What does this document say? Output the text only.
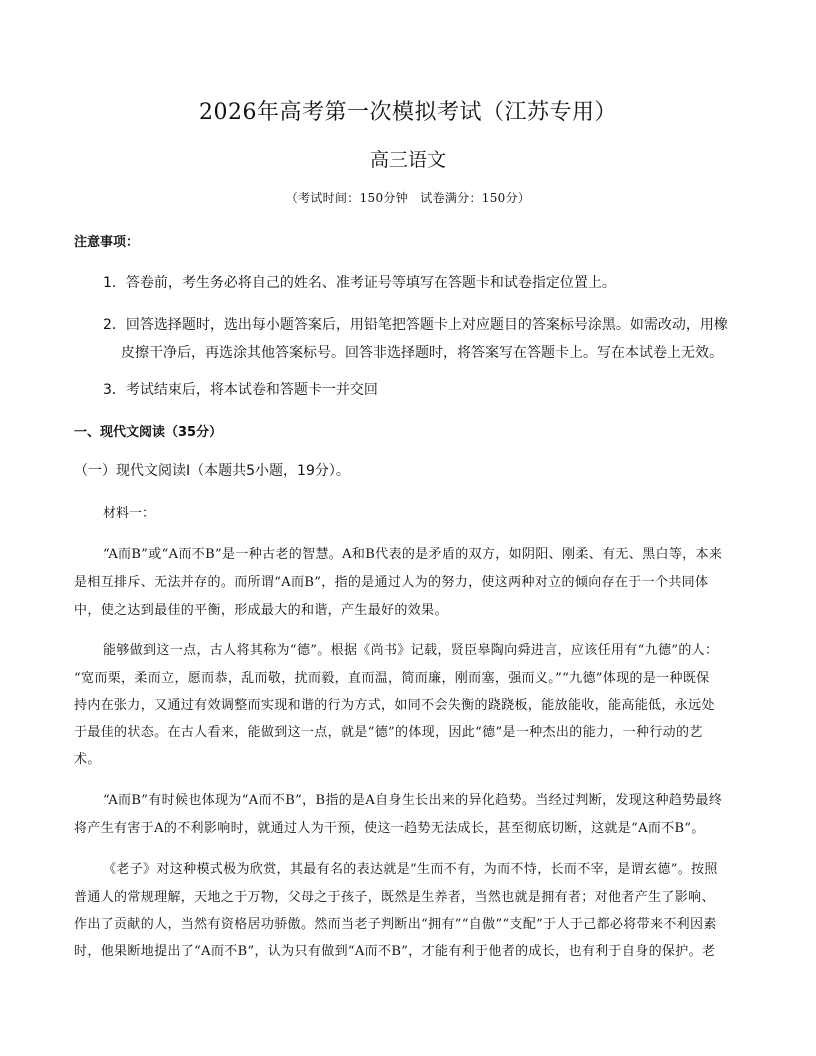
2026年高考第一次模拟考试（江苏专用）
高三语文
（考试时间：150分钟　试卷满分：150分）
注意事项：
1．答卷前，考生务必将自己的姓名、准考证号等填写在答题卡和试卷指定位置上。
2．回答选择题时，选出每小题答案后，用铅笔把答题卡上对应题目的答案标号涂黑。如需改动，用橡
皮擦干净后，再选涂其他答案标号。回答非选择题时，将答案写在答题卡上。写在本试卷上无效。
3．考试结束后，将本试卷和答题卡一并交回
一、现代文阅读（35分）
（一）现代文阅读Ⅰ（本题共5小题，19分）。
材料一：
“A而B”或“A而不B”是一种古老的智慧。A和B代表的是矛盾的双方，如阴阳、刚柔、有无、黑白等，本来
是相互排斥、无法并存的。而所谓“A而B”，指的是通过人为的努力，使这两种对立的倾向存在于一个共同体
中，使之达到最佳的平衡，形成最大的和谐，产生最好的效果。
能够做到这一点，古人将其称为“德”。根据《尚书》记载，贤臣皋陶向舜进言，应该任用有“九德”的人：
“宽而栗，柔而立，愿而恭，乱而敬，扰而毅，直而温，简而廉，刚而塞，强而义。”“九德”体现的是一种既保
持内在张力，又通过有效调整而实现和谐的行为方式，如同不会失衡的跷跷板，能放能收，能高能低，永远处
于最佳的状态。在古人看来，能做到这一点，就是“德”的体现，因此“德”是一种杰出的能力，一种行动的艺
术。
“A而B”有时候也体现为“A而不B”，B指的是A自身生长出来的异化趋势。当经过判断，发现这种趋势最终
将产生有害于A的不利影响时，就通过人为干预，使这一趋势无法成长，甚至彻底切断，这就是“A而不B”。
《老子》对这种模式极为欣赏，其最有名的表达就是“生而不有，为而不恃，长而不宰，是谓玄德”。按照
普通人的常规理解，天地之于万物，父母之于孩子，既然是生养者，当然也就是拥有者；对他者产生了影响、
作出了贡献的人，当然有资格居功骄傲。然而当老子判断出“拥有”“自傲”“支配”于人于己都必将带来不利因素
时，他果断地提出了“A而不B”，认为只有做到“A而不B”，才能有利于他者的成长，也有利于自身的保护。老
